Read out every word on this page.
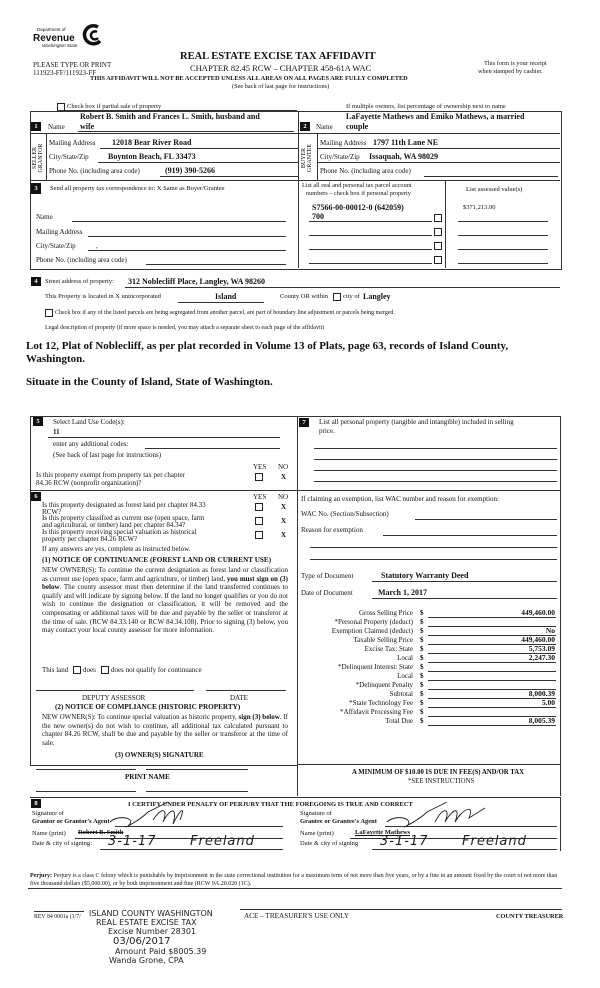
Department of
Revenue
Washington State
PLEASE TYPE OR PRINT
111923-FF/111923-FF
REAL ESTATE EXCISE TAX AFFIDAVIT
CHAPTER 82.45 RCW – CHAPTER 458-61A WAC
THIS AFFIDAVIT WILL NOT BE ACCEPTED UNLESS ALL AREAS ON ALL PAGES ARE FULLY COMPLETED
(See back of last page for instructions)
This form is your receipt
when stamped by cashier.
Check box if partial sale of property	If multiple owners, list percentage of ownership next to name
1	Name
Robert B. Smith and Frances L. Smith, husband and
wife
SELLER
GRANTOR
Mailing Address 12018 Bear River Road
City/State/Zip Boynton Beach, FL 33473
Phone No. (including area code)	(919) 390-5266
2	Name
LaFayette Mathews and Emiko Mathews, a married
couple
BUYER
GRANTEE
Mailing Address 1797 11th Lane NE
City/State/Zip Issaquah, WA 98029
Phone No. (including area code)
3	Send all property tax correspondence to: X Same as Buyer/Grantee
Name
Mailing Address
City/State/Zip	,
Phone No. (including area code)
List all real and personal tax parcel account
numbers – check box if personal property
List assessed value(s)
S7566-00-00012-0 (642059)
700
$371,213.00
4	Street address of property: 312 Noblecliff Place, Langley, WA 98260
This Property is located in X unincorporated	Island	County OR within city of Langley
Check box if any of the listed parcels are being segregated from another parcel, are part of boundary line adjustment or parcels being merged.
Legal description of property (if more space is needed, you may attach a separate sheet to each page of the affidavit)
Lot 12, Plat of Noblecliff, as per plat recorded in Volume 13 of Plats, page 63, records of Island County,
Washington.
Situate in the County of Island, State of Washington.
5	Select Land Use Code(s):
11
enter any additional codes:
(See back of last page for instructions)
YES NO
Is this property exempt from property tax per chapter
84.36 RCW (nonprofit organization)?
X
6	YES NO
Is this property designated as forest land per chapter 84.33
RCW?
X
Is this property classified as current use (open space, farm
and agricultural, or timber) land per chapter 84.34?	X
Is this property receiving special valuation as historical
property per chapter 84.26 RCW?	X
If any answers are yes, complete as instructed below.
(1) NOTICE OF CONTINUANCE (FOREST LAND OR CURRENT USE)
NEW OWNER(S): To continue the current designation as forest land or classification as current use (open space, farm and agriculture, or timber) land, you must sign on (3) below. The county assessor must then determine if the land transferred continues to qualify and will indicate by signing below. If the land no longer qualifies or you do not wish to continue the designation or classification, it will be removed and the compensating or additional taxes will be due and payable by the seller or transferor at the time of sale. (RCW 84.33.140 or RCW 84.34.108). Prior to signing (3) below, you may contact your local county assessor for more information.
This land does does not qualify for continuance
DEPUTY ASSESSOR	DATE
(2) NOTICE OF COMPLIANCE (HISTORIC PROPERTY)
NEW OWNER(S): To continue special valuation as historic property, sign (3) below. If the new owner(s) do not wish to continue, all additional tax calculated pursuant to chapter 84.26 RCW, shall be due and payable by the seller or transferor at the time of sale.
(3) OWNER(S) SIGNATURE
PRINT NAME
7	List all personal property (tangible and intangible) included in selling
price.
If claiming an exemption, list WAC number and reason for exemption:
WAC No. (Section/Subsection)
Reason for exemption
Type of Document	Statutory Warranty Deed
Date of Document	March 1, 2017
Gross Selling Price $	449,460.00
*Personal Property (deduct) $
Exemption Claimed (deduct) $	No
Taxable Selling Price $	449,460.00
Excise Tax: State $	5,753.09
Local $	2,247.30
*Delinquent Interest: State $
Local $
*Delinquent Penalty $
Subtotal $	8,000.39
*State Technology Fee $	5.00
*Affidavit Processing Fee $
Total Due $	8,005.39
A MINIMUM OF $10.00 IS DUE IN FEE(S) AND/OR TAX
*SEE INSTRUCTIONS
8	I CERTIFY UNDER PENALTY OF PERJURY THAT THE FOREGOING IS TRUE AND CORRECT
Signature of
Grantor or Grantor's Agent
Name (print) Robert B. Smith
Date & city of signing: 3-1-17	Freeland
Signature of
Grantee or Grantee's Agent
Name (print)	LaFayette Mathews
Date & city of signing 3-1-17	Freeland
Perjury: Perjury is a class C felony which is punishable by imprisonment in the state correctional institution for a maximum term of not more than five years, or by a fine in an amount fixed by the court of not more than five thousand dollars ($5,000.00), or by both imprisonment and fine (RCW 9A.20.020 (1C).
REV 84 0001a (1/7/ ISLAND COUNTY WASHINGTON
REAL ESTATE EXCISE TAX
Excise Number 28301
03/06/2017
Amount Paid $8005.39
Wanda Grone, CPA
ACE – TREASURER'S USE ONLY	COUNTY TREASURER
